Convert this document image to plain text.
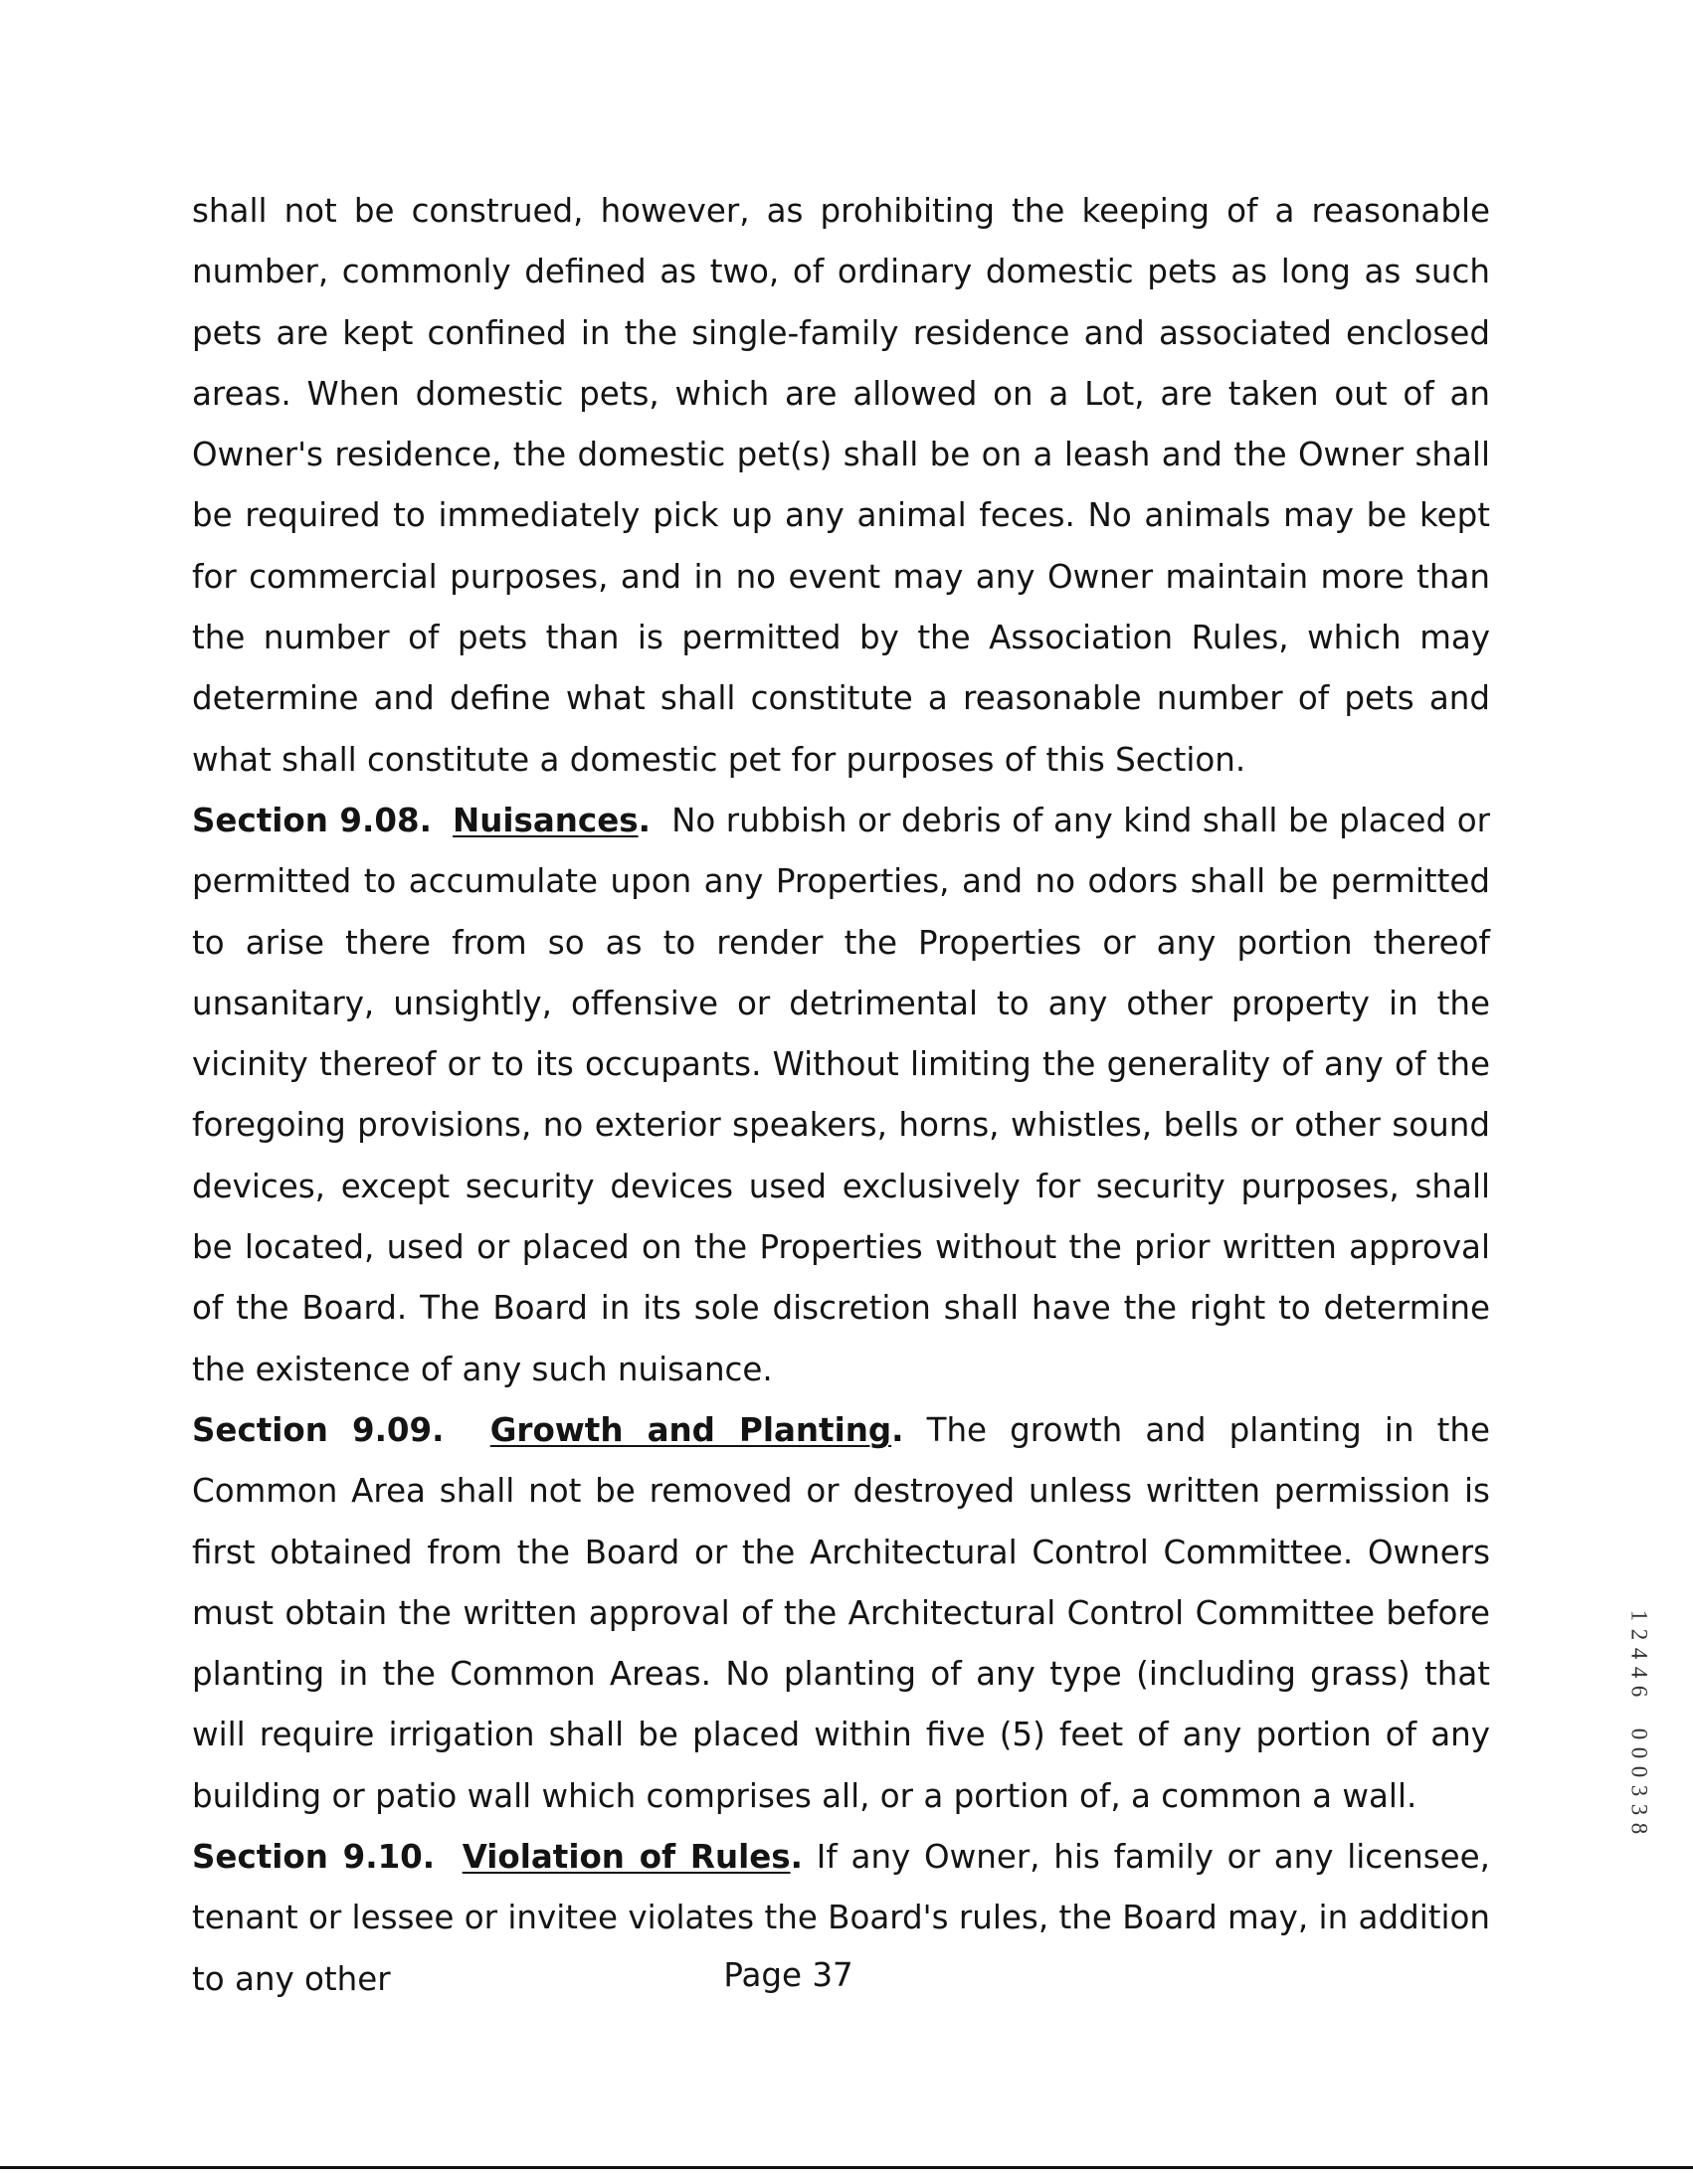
shall not be construed, however, as prohibiting the keeping of a reasonable number, commonly defined as two, of ordinary domestic pets as long as such pets are kept confined in the single-family residence and associated enclosed areas. When domestic pets, which are allowed on a Lot, are taken out of an Owner's residence, the domestic pet(s) shall be on a leash and the Owner shall be required to immediately pick up any animal feces. No animals may be kept for commercial purposes, and in no event may any Owner maintain more than the number of pets than is permitted by the Association Rules, which may determine and define what shall constitute a reasonable number of pets and what shall constitute a domestic pet for purposes of this Section.

Section 9.08. Nuisances. No rubbish or debris of any kind shall be placed or permitted to accumulate upon any Properties, and no odors shall be permitted to arise there from so as to render the Properties or any portion thereof unsanitary, unsightly, offensive or detrimental to any other property in the vicinity thereof or to its occupants. Without limiting the generality of any of the foregoing provisions, no exterior speakers, horns, whistles, bells or other sound devices, except security devices used exclusively for security purposes, shall be located, used or placed on the Properties without the prior written approval of the Board. The Board in its sole discretion shall have the right to determine the existence of any such nuisance.

Section 9.09. Growth and Planting. The growth and planting in the Common Area shall not be removed or destroyed unless written permission is first obtained from the Board or the Architectural Control Committee. Owners must obtain the written approval of the Architectural Control Committee before planting in the Common Areas. No planting of any type (including grass) that will require irrigation shall be placed within five (5) feet of any portion of any building or patio wall which comprises all, or a portion of, a common a wall.

Section 9.10. Violation of Rules. If any Owner, his family or any licensee, tenant or lessee or invitee violates the Board's rules, the Board may, in addition to any other	Page 37
1
2
4
4
6
0
0
0
3
3
8
